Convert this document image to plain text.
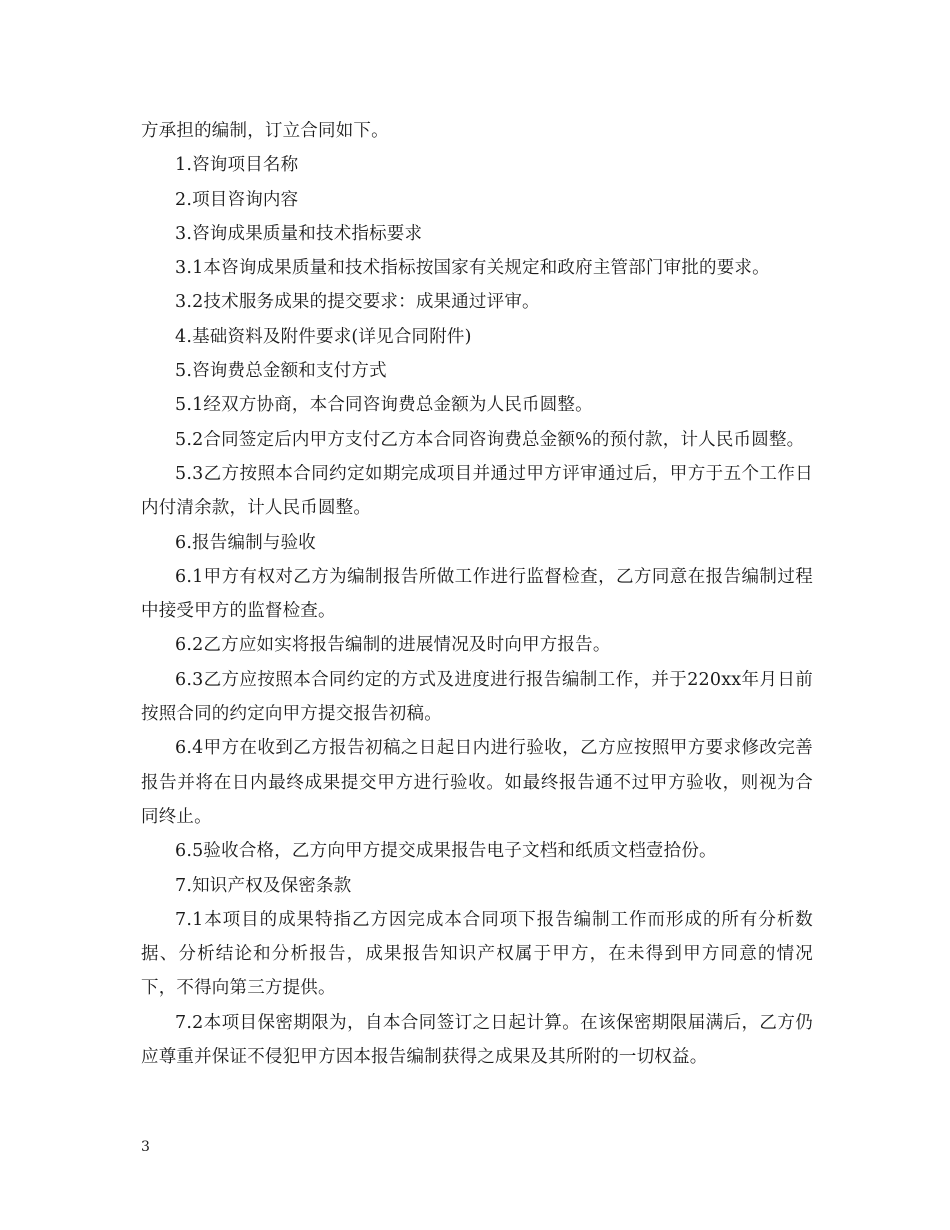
方承担的编制，订立合同如下。

1.咨询项目名称

2.项目咨询内容

3.咨询成果质量和技术指标要求

3.1本咨询成果质量和技术指标按国家有关规定和政府主管部门审批的要求。

3.2技术服务成果的提交要求：成果通过评审。

4.基础资料及附件要求(详见合同附件)

5.咨询费总金额和支付方式

5.1经双方协商，本合同咨询费总金额为人民币圆整。

5.2合同签定后内甲方支付乙方本合同咨询费总金额%的预付款，计人民币圆整。

5.3乙方按照本合同约定如期完成项目并通过甲方评审通过后，甲方于五个工作日内付清余款，计人民币圆整。

6.报告编制与验收

6.1甲方有权对乙方为编制报告所做工作进行监督检查，乙方同意在报告编制过程中接受甲方的监督检查。

6.2乙方应如实将报告编制的进展情况及时向甲方报告。

6.3乙方应按照本合同约定的方式及进度进行报告编制工作，并于220xx年月日前按照合同的约定向甲方提交报告初稿。

6.4甲方在收到乙方报告初稿之日起日内进行验收，乙方应按照甲方要求修改完善报告并将在日内最终成果提交甲方进行验收。如最终报告通不过甲方验收，则视为合同终止。

6.5验收合格，乙方向甲方提交成果报告电子文档和纸质文档壹拾份。

7.知识产权及保密条款

7.1本项目的成果特指乙方因完成本合同项下报告编制工作而形成的所有分析数据、分析结论和分析报告，成果报告知识产权属于甲方，在未得到甲方同意的情况下，不得向第三方提供。

7.2本项目保密期限为，自本合同签订之日起计算。在该保密期限届满后，乙方仍应尊重并保证不侵犯甲方因本报告编制获得之成果及其所附的一切权益。

3
